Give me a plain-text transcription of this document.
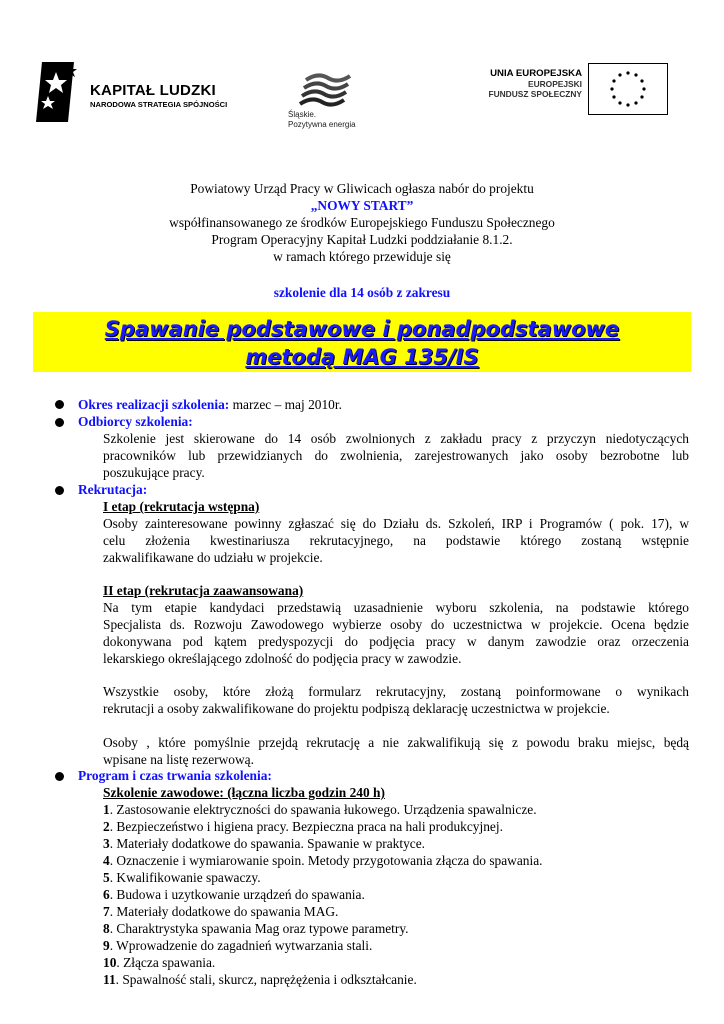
KAPITAŁ LUDZKI
NARODOWA STRATEGIA SPÓJNOŚCI
Śląskie.
Pozytywna energia
UNIA EUROPEJSKA
EUROPEJSKI
FUNDUSZ SPOŁECZNY
Powiatowy Urząd Pracy w Gliwicach ogłasza nabór do projektu
„NOWY START”
współfinansowanego ze środków Europejskiego Funduszu Społecznego
Program Operacyjny Kapitał Ludzki poddziałanie 8.1.2.
w ramach którego przewiduje się
szkolenie dla 14 osób z zakresu
Spawanie podstawowe i ponadpodstawowe
metodą MAG 135/IS
Okres realizacji szkolenia: marzec – maj 2010r.
Odbiorcy szkolenia:
Szkolenie jest skierowane do 14 osób zwolnionych z zakładu pracy z przyczyn niedotyczących
pracowników lub przewidzianych do zwolnienia, zarejestrowanych jako osoby bezrobotne lub
poszukujące pracy.
Rekrutacja:
I etap (rekrutacja wstępna)
Osoby zainteresowane powinny zgłaszać się do Działu ds. Szkoleń, IRP i Programów ( pok. 17), w
celu złożenia kwestinariusza rekrutacyjnego, na podstawie którego zostaną wstępnie
zakwalifikawane do udziału w projekcie.
II etap (rekrutacja zaawansowana)
Na tym etapie kandydaci przedstawią uzasadnienie wyboru szkolenia, na podstawie którego
Specjalista ds. Rozwoju Zawodowego wybierze osoby do uczestnictwa w projekcie. Ocena będzie
dokonywana pod kątem predyspozycji do podjęcia pracy w danym zawodzie oraz orzeczenia
lekarskiego określającego zdolność do podjęcia pracy w zawodzie.
Wszystkie osoby, które złożą formularz rekrutacyjny, zostaną poinformowane o wynikach
rekrutacji a osoby zakwalifikowane do projektu podpiszą deklarację uczestnictwa w projekcie.
Osoby , które pomyślnie przejdą rekrutację a nie zakwalifikują się z powodu braku miejsc, będą
wpisane na listę rezerwową.
Program i czas trwania szkolenia:
Szkolenie zawodowe: (łączna liczba godzin 240 h)
1. Zastosowanie elektryczności do spawania łukowego. Urządzenia spawalnicze.
2. Bezpieczeństwo i higiena pracy. Bezpieczna praca na hali produkcyjnej.
3. Materiały dodatkowe do spawania. Spawanie w praktyce.
4. Oznaczenie i wymiarowanie spoin. Metody przygotowania złącza do spawania.
5. Kwalifikowanie spawaczy.
6. Budowa i uzytkowanie urządzeń do spawania.
7. Materiały dodatkowe do spawania MAG.
8. Charaktrystyka spawania Mag oraz typowe parametry.
9. Wprowadzenie do zagadnień wytwarzania stali.
10. Złącza spawania.
11. Spawalność stali, skurcz, naprężężenia i odkształcanie.
